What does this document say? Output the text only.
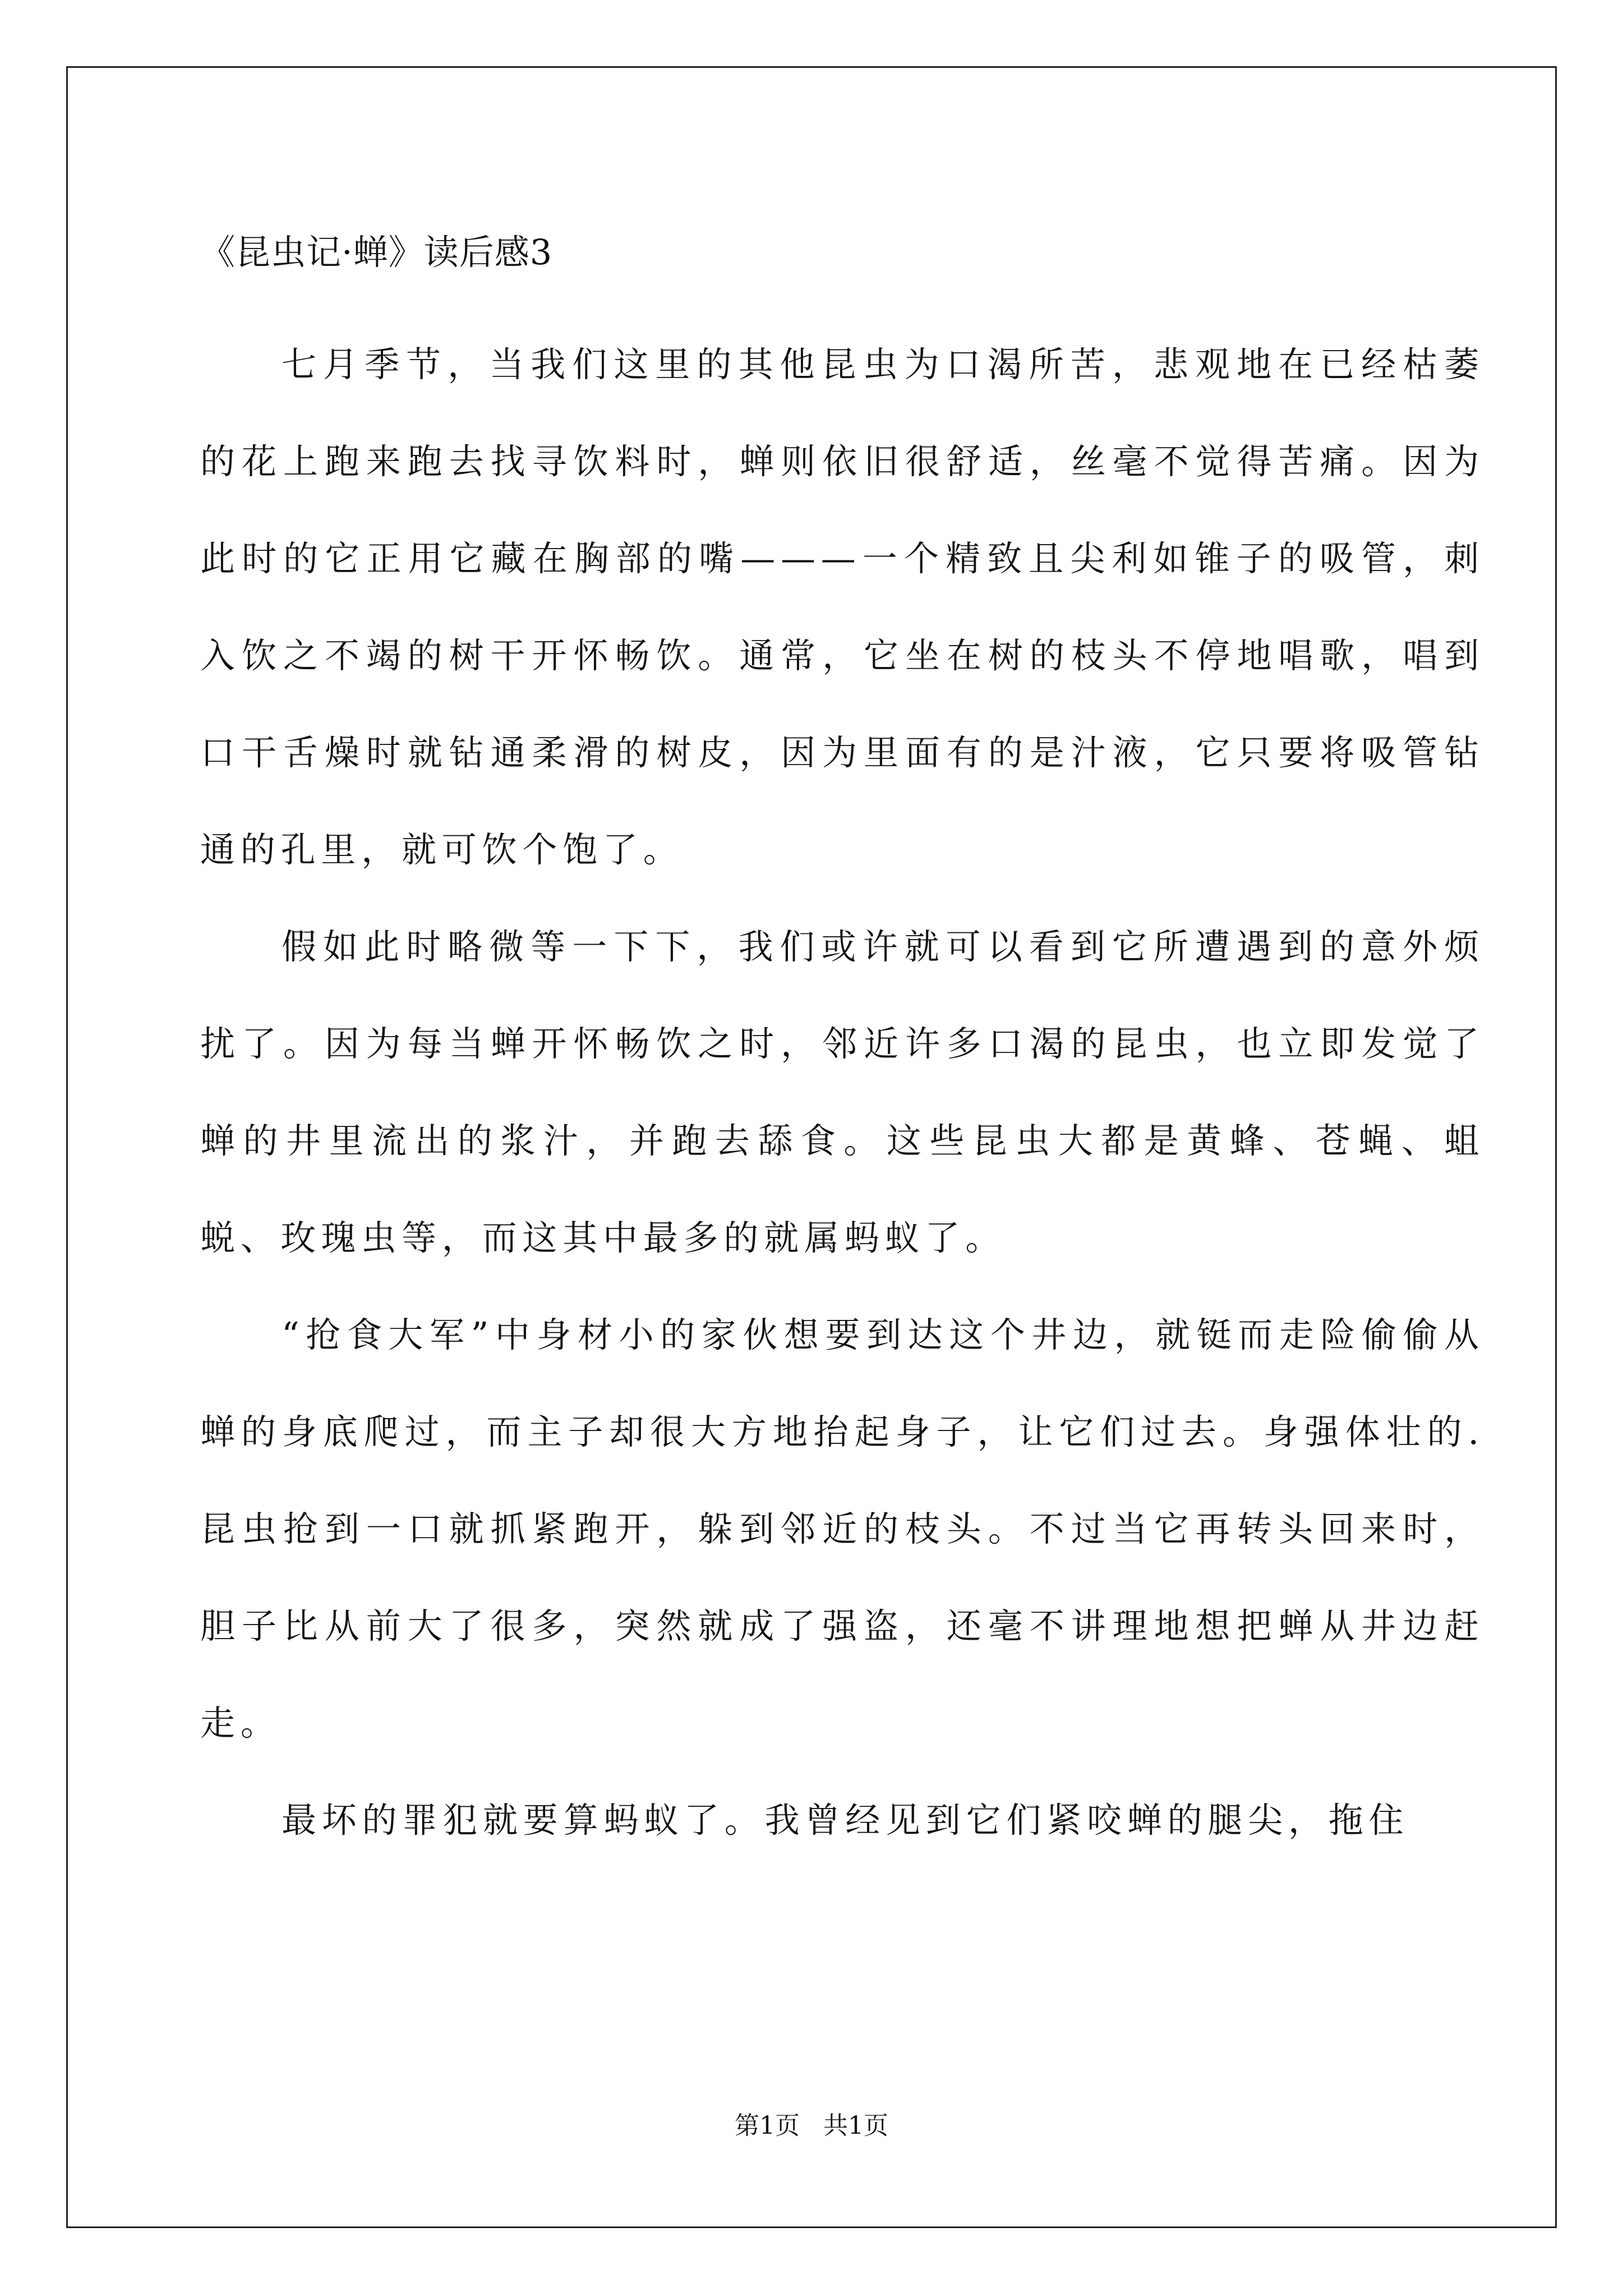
《昆虫记·蝉》读后感3

七月季节，当我们这里的其他昆虫为口渴所苦，悲观地在已经枯萎的花上跑来跑去找寻饮料时，蝉则依旧很舒适，丝毫不觉得苦痛。因为此时的它正用它藏在胸部的嘴———一个精致且尖利如锥子的吸管，刺入饮之不竭的树干开怀畅饮。通常，它坐在树的枝头不停地唱歌，唱到口干舌燥时就钻通柔滑的树皮，因为里面有的是汁液，它只要将吸管钻通的孔里，就可饮个饱了。

假如此时略微等一下下，我们或许就可以看到它所遭遇到的意外烦扰了。因为每当蝉开怀畅饮之时，邻近许多口渴的昆虫，也立即发觉了蝉的井里流出的浆汁，并跑去舔食。这些昆虫大都是黄蜂、苍蝇、蛆蜕、玫瑰虫等，而这其中最多的就属蚂蚁了。

“抢食大军”中身材小的家伙想要到达这个井边，就铤而走险偷偷从蝉的身底爬过，而主子却很大方地抬起身子，让它们过去。身强体壮的.昆虫抢到一口就抓紧跑开，躲到邻近的枝头。不过当它再转头回来时，胆子比从前大了很多，突然就成了强盗，还毫不讲理地想把蝉从井边赶走。

最坏的罪犯就要算蚂蚁了。我曾经见到它们紧咬蝉的腿尖，拖住

第1页   共1页
